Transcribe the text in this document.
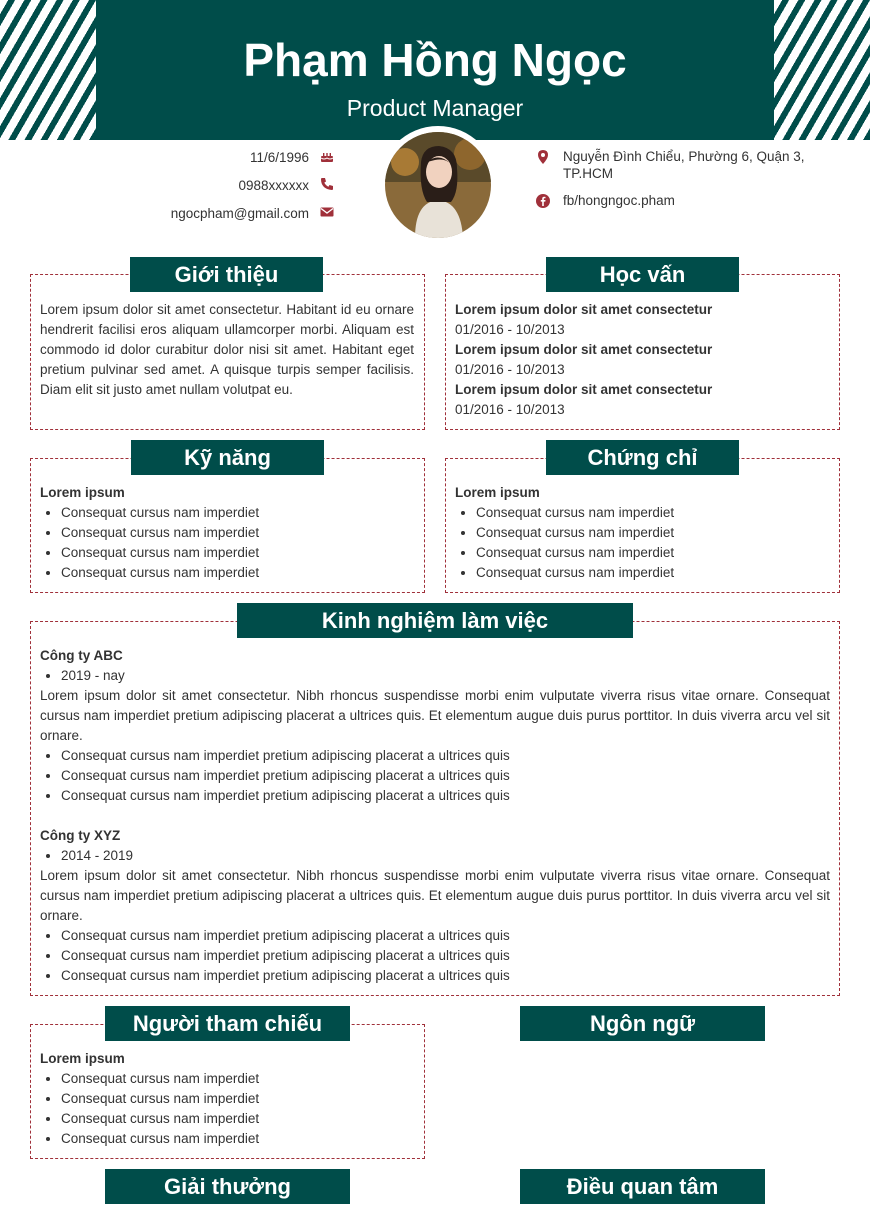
Phạm Hồng Ngọc
Product Manager
11/6/1996
0988xxxxxx
ngocpham@gmail.com
Nguyễn Đình Chiểu, Phường 6, Quận 3, TP.HCM
fb/hongngoc.pham
Giới thiệu
Lorem ipsum dolor sit amet consectetur. Habitant id eu ornare hendrerit facilisi eros aliquam ullamcorper morbi. Aliquam est commodo id dolor curabitur dolor nisi sit amet. Habitant eget pretium pulvinar sed amet. A quisque turpis semper facilisis. Diam elit sit justo amet nullam volutpat eu.
Học vấn
Lorem ipsum dolor sit amet consectetur
01/2016 - 10/2013
Lorem ipsum dolor sit amet consectetur
01/2016 - 10/2013
Lorem ipsum dolor sit amet consectetur
01/2016 - 10/2013
Kỹ năng
Lorem ipsum
• Consequat cursus nam imperdiet
• Consequat cursus nam imperdiet
• Consequat cursus nam imperdiet
• Consequat cursus nam imperdiet
Chứng chỉ
Lorem ipsum
• Consequat cursus nam imperdiet
• Consequat cursus nam imperdiet
• Consequat cursus nam imperdiet
• Consequat cursus nam imperdiet
Kinh nghiệm làm việc
Công ty ABC
• 2019 - nay
Lorem ipsum dolor sit amet consectetur. Nibh rhoncus suspendisse morbi enim vulputate viverra risus vitae ornare. Consequat cursus nam imperdiet pretium adipiscing placerat a ultrices quis. Et elementum augue duis purus porttitor. In duis viverra arcu vel sit ornare.
• Consequat cursus nam imperdiet pretium adipiscing placerat a ultrices quis
• Consequat cursus nam imperdiet pretium adipiscing placerat a ultrices quis
• Consequat cursus nam imperdiet pretium adipiscing placerat a ultrices quis
Công ty XYZ
• 2014 - 2019
Lorem ipsum dolor sit amet consectetur. Nibh rhoncus suspendisse morbi enim vulputate viverra risus vitae ornare. Consequat cursus nam imperdiet pretium adipiscing placerat a ultrices quis. Et elementum augue duis purus porttitor. In duis viverra arcu vel sit ornare.
• Consequat cursus nam imperdiet pretium adipiscing placerat a ultrices quis
• Consequat cursus nam imperdiet pretium adipiscing placerat a ultrices quis
• Consequat cursus nam imperdiet pretium adipiscing placerat a ultrices quis
Người tham chiếu
Lorem ipsum
• Consequat cursus nam imperdiet
• Consequat cursus nam imperdiet
• Consequat cursus nam imperdiet
• Consequat cursus nam imperdiet
Ngôn ngữ
Giải thưởng	Điều quan tâm
